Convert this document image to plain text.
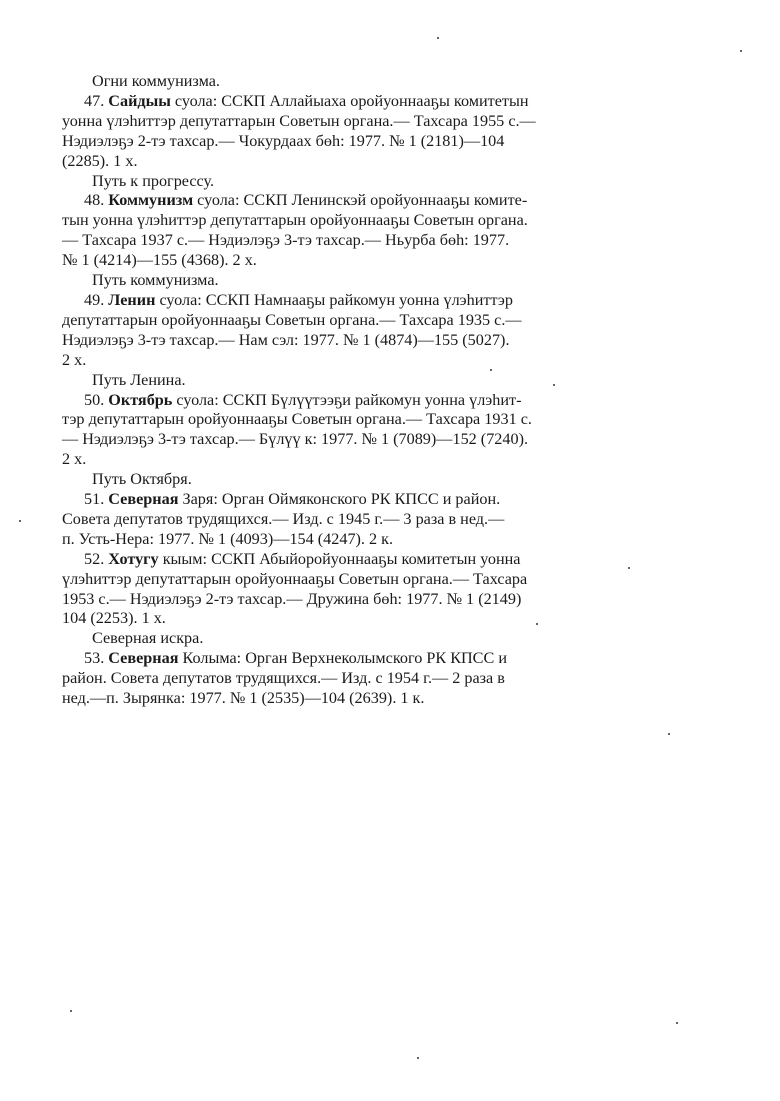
Огни коммунизма.
47. Сайдыы суола: ССКП Аллайыаха оройуоннааҕы комитетын
уонна үлэһиттэр депутаттарын Советын органа.— Тахсара 1955 с.—
Нэдиэлэҕэ 2-тэ тахсар.— Чокурдаах бөһ: 1977. № 1 (2181)—104
(2285). 1 х.
Путь к прогрессу.
48. Коммунизм суола: ССКП Ленинскэй оройуоннааҕы комите-
тын уонна үлэһиттэр депутаттарын оройуоннааҕы Советын органа.
— Тахсара 1937 с.— Нэдиэлэҕэ 3-тэ тахсар.— Ньурба бөһ: 1977.
№ 1 (4214)—155 (4368). 2 х.
Путь коммунизма.
49. Ленин суола: ССКП Намнааҕы райкомун уонна үлэһиттэр
депутаттарын оройуоннааҕы Советын органа.— Тахсара 1935 с.—
Нэдиэлэҕэ 3-тэ тахсар.— Нам сэл: 1977. № 1 (4874)—155 (5027).
2 х.
Путь Ленина.
50. Октябрь суола: ССКП Бүлүүтээҕи райкомун уонна үлэһит-
тэр депутаттарын оройуоннааҕы Советын органа.— Тахсара 1931 с.
— Нэдиэлэҕэ 3-тэ тахсар.— Бүлүү к: 1977. № 1 (7089)—152 (7240).
2 х.
Путь Октября.
51. Северная Заря: Орган Оймяконского РК КПСС и район.
Совета депутатов трудящихся.— Изд. с 1945 г.— 3 раза в нед.—
п. Усть-Нера: 1977. № 1 (4093)—154 (4247). 2 к.
52. Хотугу кыым: ССКП Абыйоройуоннааҕы комитетын уонна
үлэһиттэр депутаттарын оройуоннааҕы Советын органа.— Тахсара
1953 с.— Нэдиэлэҕэ 2-тэ тахсар.— Дружина бөһ: 1977. № 1 (2149)
104 (2253). 1 х.
Северная искра.
53. Северная Колыма: Орган Верхнеколымского РК КПСС и
район. Совета депутатов трудящихся.— Изд. с 1954 г.— 2 раза в
нед.—п. Зырянка: 1977. № 1 (2535)—104 (2639). 1 к.
